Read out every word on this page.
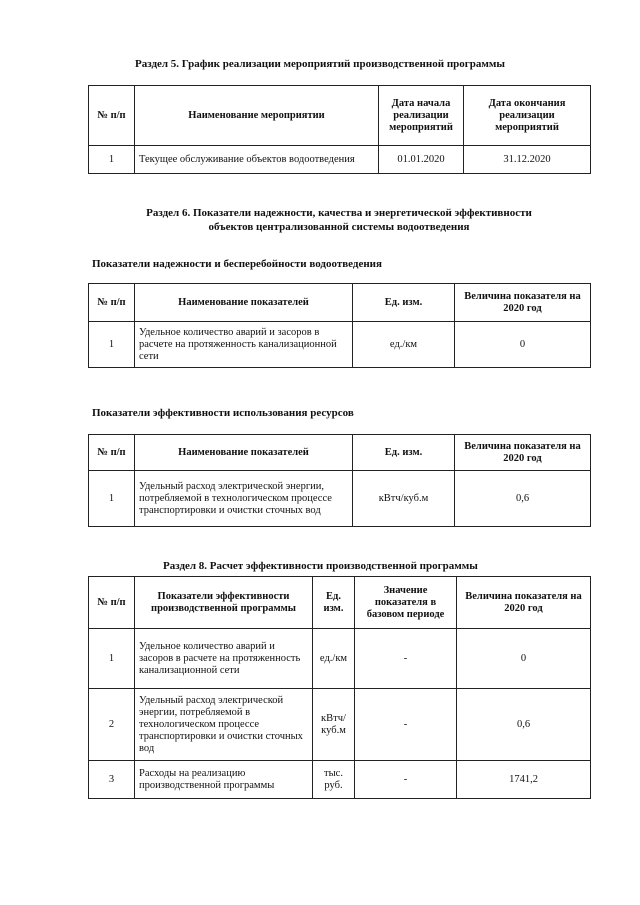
Раздел 5. График реализации мероприятий производственной программы
№ п/п	Наименование мероприятии	Дата начала реализации мероприятий	Дата окончания реализации мероприятий
1	Текущее обслуживание объектов водоотведения	01.01.2020	31.12.2020
Раздел 6. Показатели надежности, качества и энергетической эффективности
объектов централизованной системы водоотведения
Показатели надежности и бесперебойности водоотведения
№ п/п	Наименование показателей	Ед. изм.	Величина показателя на 2020 год
1	Удельное количество аварий и засоров в расчете на протяженность канализационной сети	ед./км	0
Показатели эффективности использования ресурсов
№ п/п	Наименование показателей	Ед. изм.	Величина показателя на 2020 год
1	Удельный расход электрической энергии, потребляемой в технологическом процессе транспортировки и очистки сточных вод	кВтч/куб.м	0,6
Раздел 8. Расчет эффективности производственной программы
№ п/п	Показатели эффективности производственной программы	Ед. изм.	Значение показателя в базовом периоде	Величина показателя на 2020 год
1	Удельное количество аварий и засоров в расчете на протяженность канализационной сети	ед./км	-	0
2	Удельный расход электрической энергии, потребляемой в технологическом процессе транспортировки и очистки сточных вод	кВтч/куб.м	-	0,6
3	Расходы на реализацию производственной программы	тыс. руб.	-	1741,2
